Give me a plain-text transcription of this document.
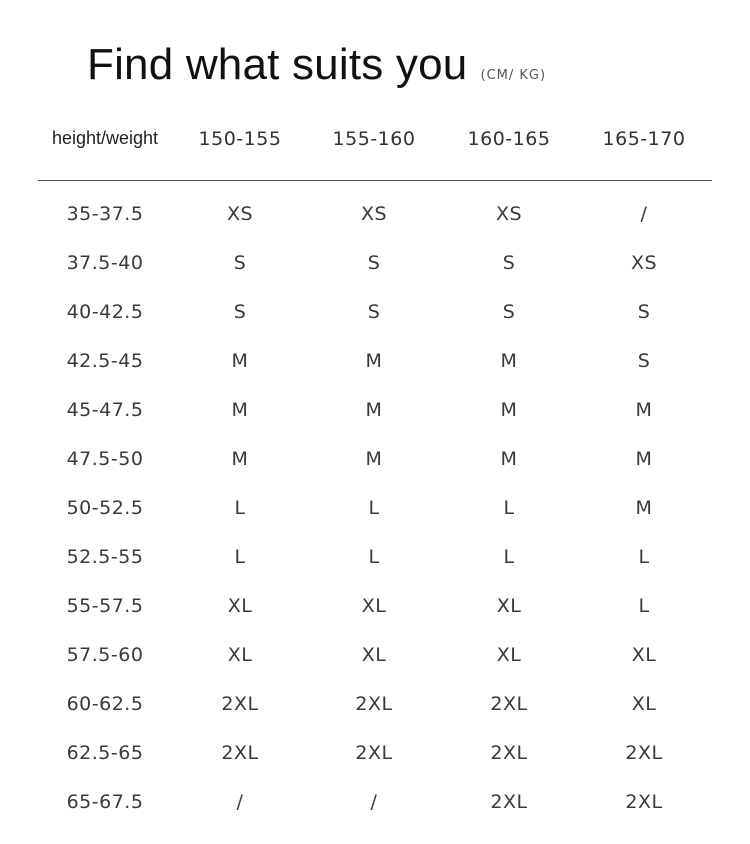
Find what suits you (CM/ KG)
height/weight	150-155	155-160	160-165	165-170
35-37.5	XS	XS	XS	/
37.5-40	S	S	S	XS
40-42.5	S	S	S	S
42.5-45	M	M	M	S
45-47.5	M	M	M	M
47.5-50	M	M	M	M
50-52.5	L	L	L	M
52.5-55	L	L	L	L
55-57.5	XL	XL	XL	L
57.5-60	XL	XL	XL	XL
60-62.5	2XL	2XL	2XL	XL
62.5-65	2XL	2XL	2XL	2XL
65-67.5	/	/	2XL	2XL
